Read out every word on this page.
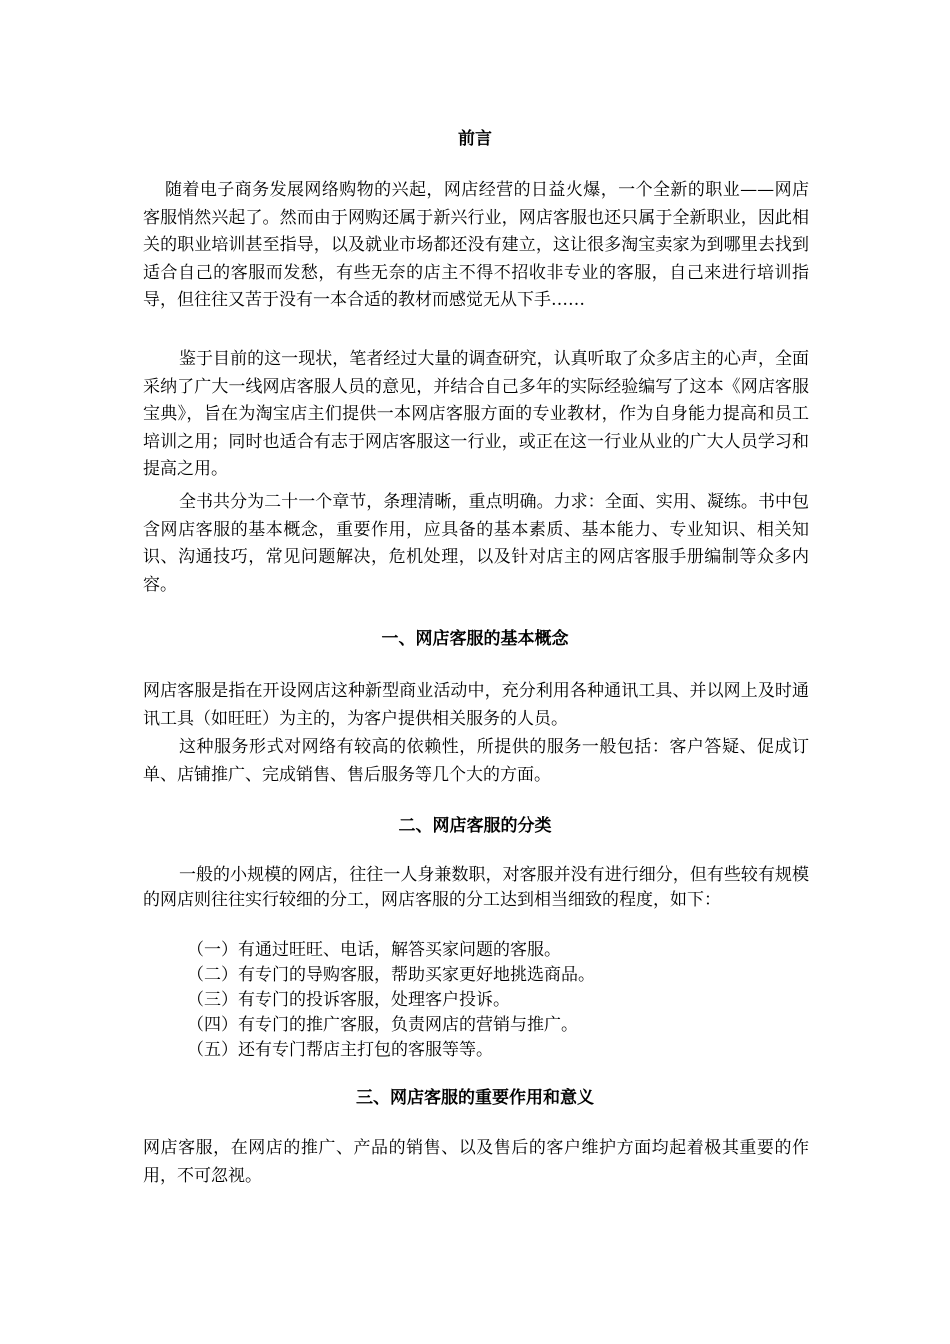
前言

随着电子商务发展网络购物的兴起，网店经营的日益火爆，一个全新的职业——网店客服悄然兴起了。然而由于网购还属于新兴行业，网店客服也还只属于全新职业，因此相关的职业培训甚至指导，以及就业市场都还没有建立，这让很多淘宝卖家为到哪里去找到适合自己的客服而发愁，有些无奈的店主不得不招收非专业的客服，自己来进行培训指导，但往往又苦于没有一本合适的教材而感觉无从下手……

鉴于目前的这一现状，笔者经过大量的调查研究，认真听取了众多店主的心声，全面采纳了广大一线网店客服人员的意见，并结合自己多年的实际经验编写了这本《网店客服宝典》，旨在为淘宝店主们提供一本网店客服方面的专业教材，作为自身能力提高和员工培训之用；同时也适合有志于网店客服这一行业，或正在这一行业从业的广大人员学习和提高之用。

全书共分为二十一个章节，条理清晰，重点明确。力求：全面、实用、凝练。书中包含网店客服的基本概念，重要作用，应具备的基本素质、基本能力、专业知识、相关知识、沟通技巧，常见问题解决，危机处理，以及针对店主的网店客服手册编制等众多内容。

一、网店客服的基本概念

网店客服是指在开设网店这种新型商业活动中，充分利用各种通讯工具、并以网上及时通讯工具（如旺旺）为主的，为客户提供相关服务的人员。

这种服务形式对网络有较高的依赖性，所提供的服务一般包括：客户答疑、促成订单、店铺推广、完成销售、售后服务等几个大的方面。

二、网店客服的分类

一般的小规模的网店，往往一人身兼数职，对客服并没有进行细分，但有些较有规模的网店则往往实行较细的分工，网店客服的分工达到相当细致的程度，如下：

（一）有通过旺旺、电话，解答买家问题的客服。
（二）有专门的导购客服，帮助买家更好地挑选商品。
（三）有专门的投诉客服，处理客户投诉。
（四）有专门的推广客服，负责网店的营销与推广。
（五）还有专门帮店主打包的客服等等。
三、网店客服的重要作用和意义

网店客服，在网店的推广、产品的销售、以及售后的客户维护方面均起着极其重要的作用，不可忽视。
